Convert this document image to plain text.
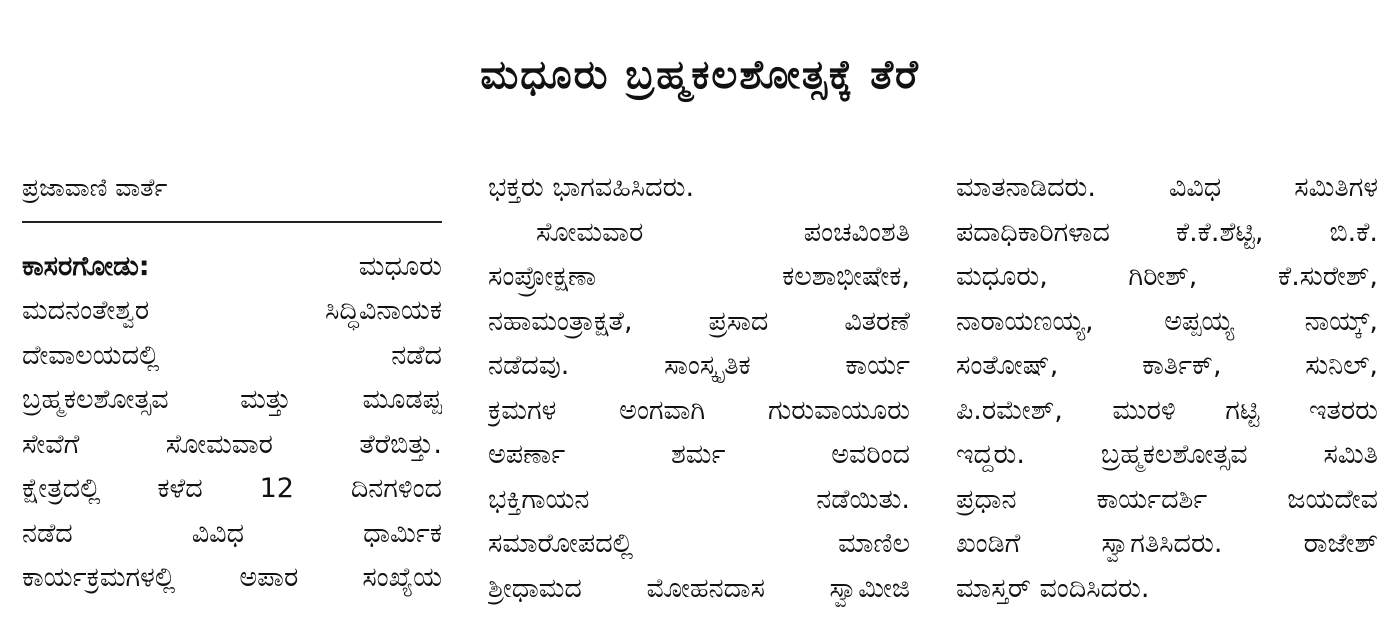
ಮಧೂರು ಬ್ರಹ್ಮಕಲಶೋತ್ಸಕ್ಕೆ ತೆರೆ
ಪ್ರಜಾವಾಣಿ ವಾರ್ತೆ
ಕಾಸರಗೋಡು:	ಮಧೂರು
ಮದನಂತೇಶ್ವರ ಸಿದ್ಧಿವಿನಾಯಕ
ದೇವಾಲಯದಲ್ಲಿ ನಡೆದ
ಬ್ರಹ್ಮಕಲಶೋತ್ಸವ ಮತ್ತು ಮೂಡಪ್ಪ
ಸೇವೆಗೆ ಸೋಮವಾರ ತೆರೆಬಿತ್ತು.
ಕ್ಷೇತ್ರದಲ್ಲಿ ಕಳೆದ 12 ದಿನಗಳಿಂದ
ನಡೆದ ವಿವಿಧ ಧಾರ್ಮಿಕ
ಕಾರ್ಯಕ್ರಮಗಳಲ್ಲಿ ಅಪಾರ ಸಂಖ್ಯೆಯ
ಭಕ್ತರು ಭಾಗವಹಿಸಿದರು.
ಸೋಮವಾರ ಪಂಚವಿಂಶತಿ
ಸಂಪ್ರೋಕ್ಷಣಾ ಕಲಶಾಭೀಷೇಕ,
ನಹಾಮಂತ್ರಾಕ್ಷತೆ, ಪ್ರಸಾದ ವಿತರಣೆ
ನಡೆದವು. ಸಾಂಸ್ಕೃತಿಕ ಕಾರ್ಯ
ಕ್ರಮಗಳ ಅಂಗವಾಗಿ ಗುರುವಾಯೂರು
ಅಪರ್ಣಾ ಶರ್ಮ ಅವರಿಂದ
ಭಕ್ತಿಗಾಯನ ನಡೆಯಿತು.
ಸಮಾರೋಪದಲ್ಲಿ ಮಾಣಿಲ
ಶ್ರೀಧಾಮದ ಮೋಹನದಾಸ ಸ್ವಾಮೀಜಿ
ಮಾತನಾಡಿದರು. ವಿವಿಧ ಸಮಿತಿಗಳ
ಪದಾಧಿಕಾರಿಗಳಾದ ಕೆ.ಕೆ.ಶೆಟ್ಟಿ, ಬಿ.ಕೆ.
ಮಧೂರು, ಗಿರೀಶ್, ಕೆ.ಸುರೇಶ್,
ನಾರಾಯಣಯ್ಯ, ಅಪ್ಪಯ್ಯ ನಾಯ್ಕ್,
ಸಂತೋಷ್, ಕಾರ್ತಿಕ್, ಸುನಿಲ್,
ಪಿ.ರಮೇಶ್, ಮುರಳಿ ಗಟ್ಟಿ ಇತರರು
ಇದ್ದರು. ಬ್ರಹ್ಮಕಲಶೋತ್ಸವ ಸಮಿತಿ
ಪ್ರಧಾನ ಕಾರ್ಯದರ್ಶಿ ಜಯದೇವ
ಖಂಡಿಗೆ ಸ್ವಾಗತಿಸಿದರು. ರಾಜೇಶ್
ಮಾಸ್ತರ್ ವಂದಿಸಿದರು.
